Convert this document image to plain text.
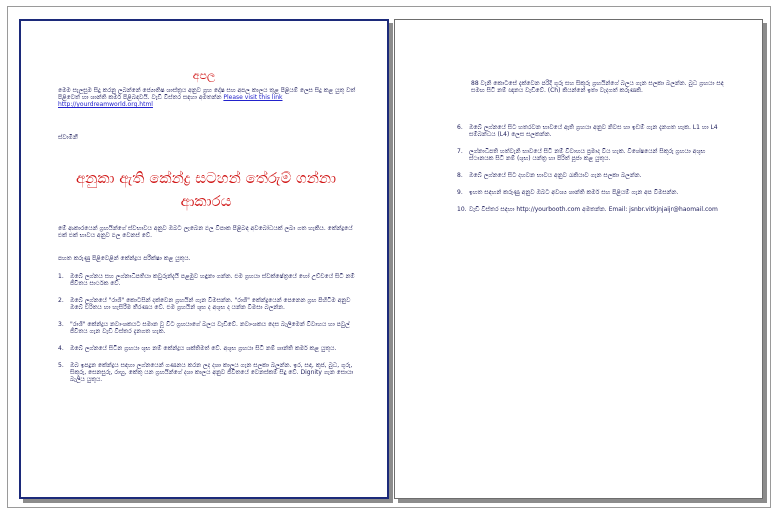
අපල
මෙම සැලසුම සිදු කරනු ලබන්නේ ජ්‍යොතිෂ ශාස්ත්‍රය අනුව ග්‍රහ දෝෂ සහ අපල කාලය තුළ පිළියම් ලෙස සිදු කළ යුතු වත් පිළිවෙත් හා ශාන්ති කර්ම පිළිබඳවයි. වැඩි විස්තර සඳහා අමතන්න Please visit this link http://yourdreamworld.org.html
ස්වාමිනී
අනුකා ඇති කේන්ද්‍ර සටහන් තේරුම් ගන්නා ආකාරය
මේ ආකාරයෙන් ග්‍රහයින්ගේ ස්වභාවය අනුව ඔබට ලැබෙන ඵල විපාක පිළිබඳ අවබෝධයක් ලබා ගත හැකිය. කේන්ද්‍රයේ එක් එක් භාවය අනුව ඵල වෙනස් වේ.
පහත කරුණු පිළිවෙළින් කේන්ද්‍රය පරීක්ෂා කළ යුතුය.
1. ඔබේ ලග්නය සහ ලග්නාධිපතියා කවුරුන්දැයි පළමුව හඳුනා ගන්න. එම ග්‍රහයා ස්වක්ෂේත්‍රයේ හෝ උච්චයේ සිටී නම් ජීවිතය සාර්ථක වේ.
2. ඔබේ ලග්නයේ "රාශි" කොටසින් දක්වෙන ග්‍රහයින් ගැන විමසන්න. "රාශි" කේන්ද්‍රයෙන් පෙනෙන ග්‍රහ පිහිටීම අනුව ඔබේ චරිතය හා හැසිරීම තීරණය වේ. එම ග්‍රහයින් ශුභ ද අශුභ ද යන්න විමසා බලන්න.
3. "රාශි" කේන්ද්‍රය නවාංශකයට සමාන වූ විට ග්‍රහයාගේ බලය වැඩිවේ. නවාංශකය දෙස බැලීමෙන් විවාහය හා පවුල් ජීවිතය ගැන වැඩි විස්තර දැනගත හැක.
4. ඔබේ ලග්නයේ සිටින ග්‍රහයා ශුභ නම් කේන්ද්‍රය ශක්තිමත් වේ. අශුභ ග්‍රහයා සිටී නම් ශාන්ති කර්ම කළ යුතුය.
5. ඔබ ඉපදුන කේන්ද්‍රය සඳහා ලග්නයෙන් ගණනය කරන ලද දශා කාලය ගැන සලකා බලන්න. ඉර, සඳ, කුජ, බුධ, ගුරු, සිකුරු, සෙනසුරු, රාහු, කේතු යන ග්‍රහයින්ගේ දශා කාලය අනුව ජීවිතයේ වෙනස්කම් සිදු වේ. Dignity ගැන සොයා බැලිය යුතුය.
88 වැනි කොටසේ දැක්වෙන පරිදි ගුරු සහ සිකුරු ග්‍රහයින්ගේ බලය ගැන සලකා බලන්න. බුධ ග්‍රහයා සඳ සමඟ සිටී නම් ඥානය වැඩිවේ. (Ch) කියන්නේ ඉතා වැදගත් කරුණකි.
6. ඔබේ ලග්නයේ සිට හතරවන භාවයේ ඇති ග්‍රහයා අනුව නිවස හා ඉඩම් ගැන දැනගත හැක. L1 හා L4 සම්බන්ධය (L4) ලෙස සලකන්න.
7. ලග්නාධිපති හත්වැනි භාවයේ සිටී නම් විවාහය ප්‍රමාද විය හැක. විශේෂයෙන් සිකුරු ග්‍රහයා අශුභ ස්ථානයක සිටී නම් (ශුභ) යන්ත්‍ර හා පිරිත් පූජා කළ යුතුය.
8. ඔබේ ලග්නයේ සිට දහවන භාවය අනුව රැකියාව ගැන සලකා බලන්න.
9. ඉහත සඳහන් කරුණු අනුව ඔබට අවශ්‍ය ශාන්ති කර්ම සහ පිළියම් ගැන අප විමසන්න.
10. වැඩි විස්තර සඳහා http://yourbooth.com අමතන්න. Email: jsnbr.vitkjnjaijr@haomail.com
